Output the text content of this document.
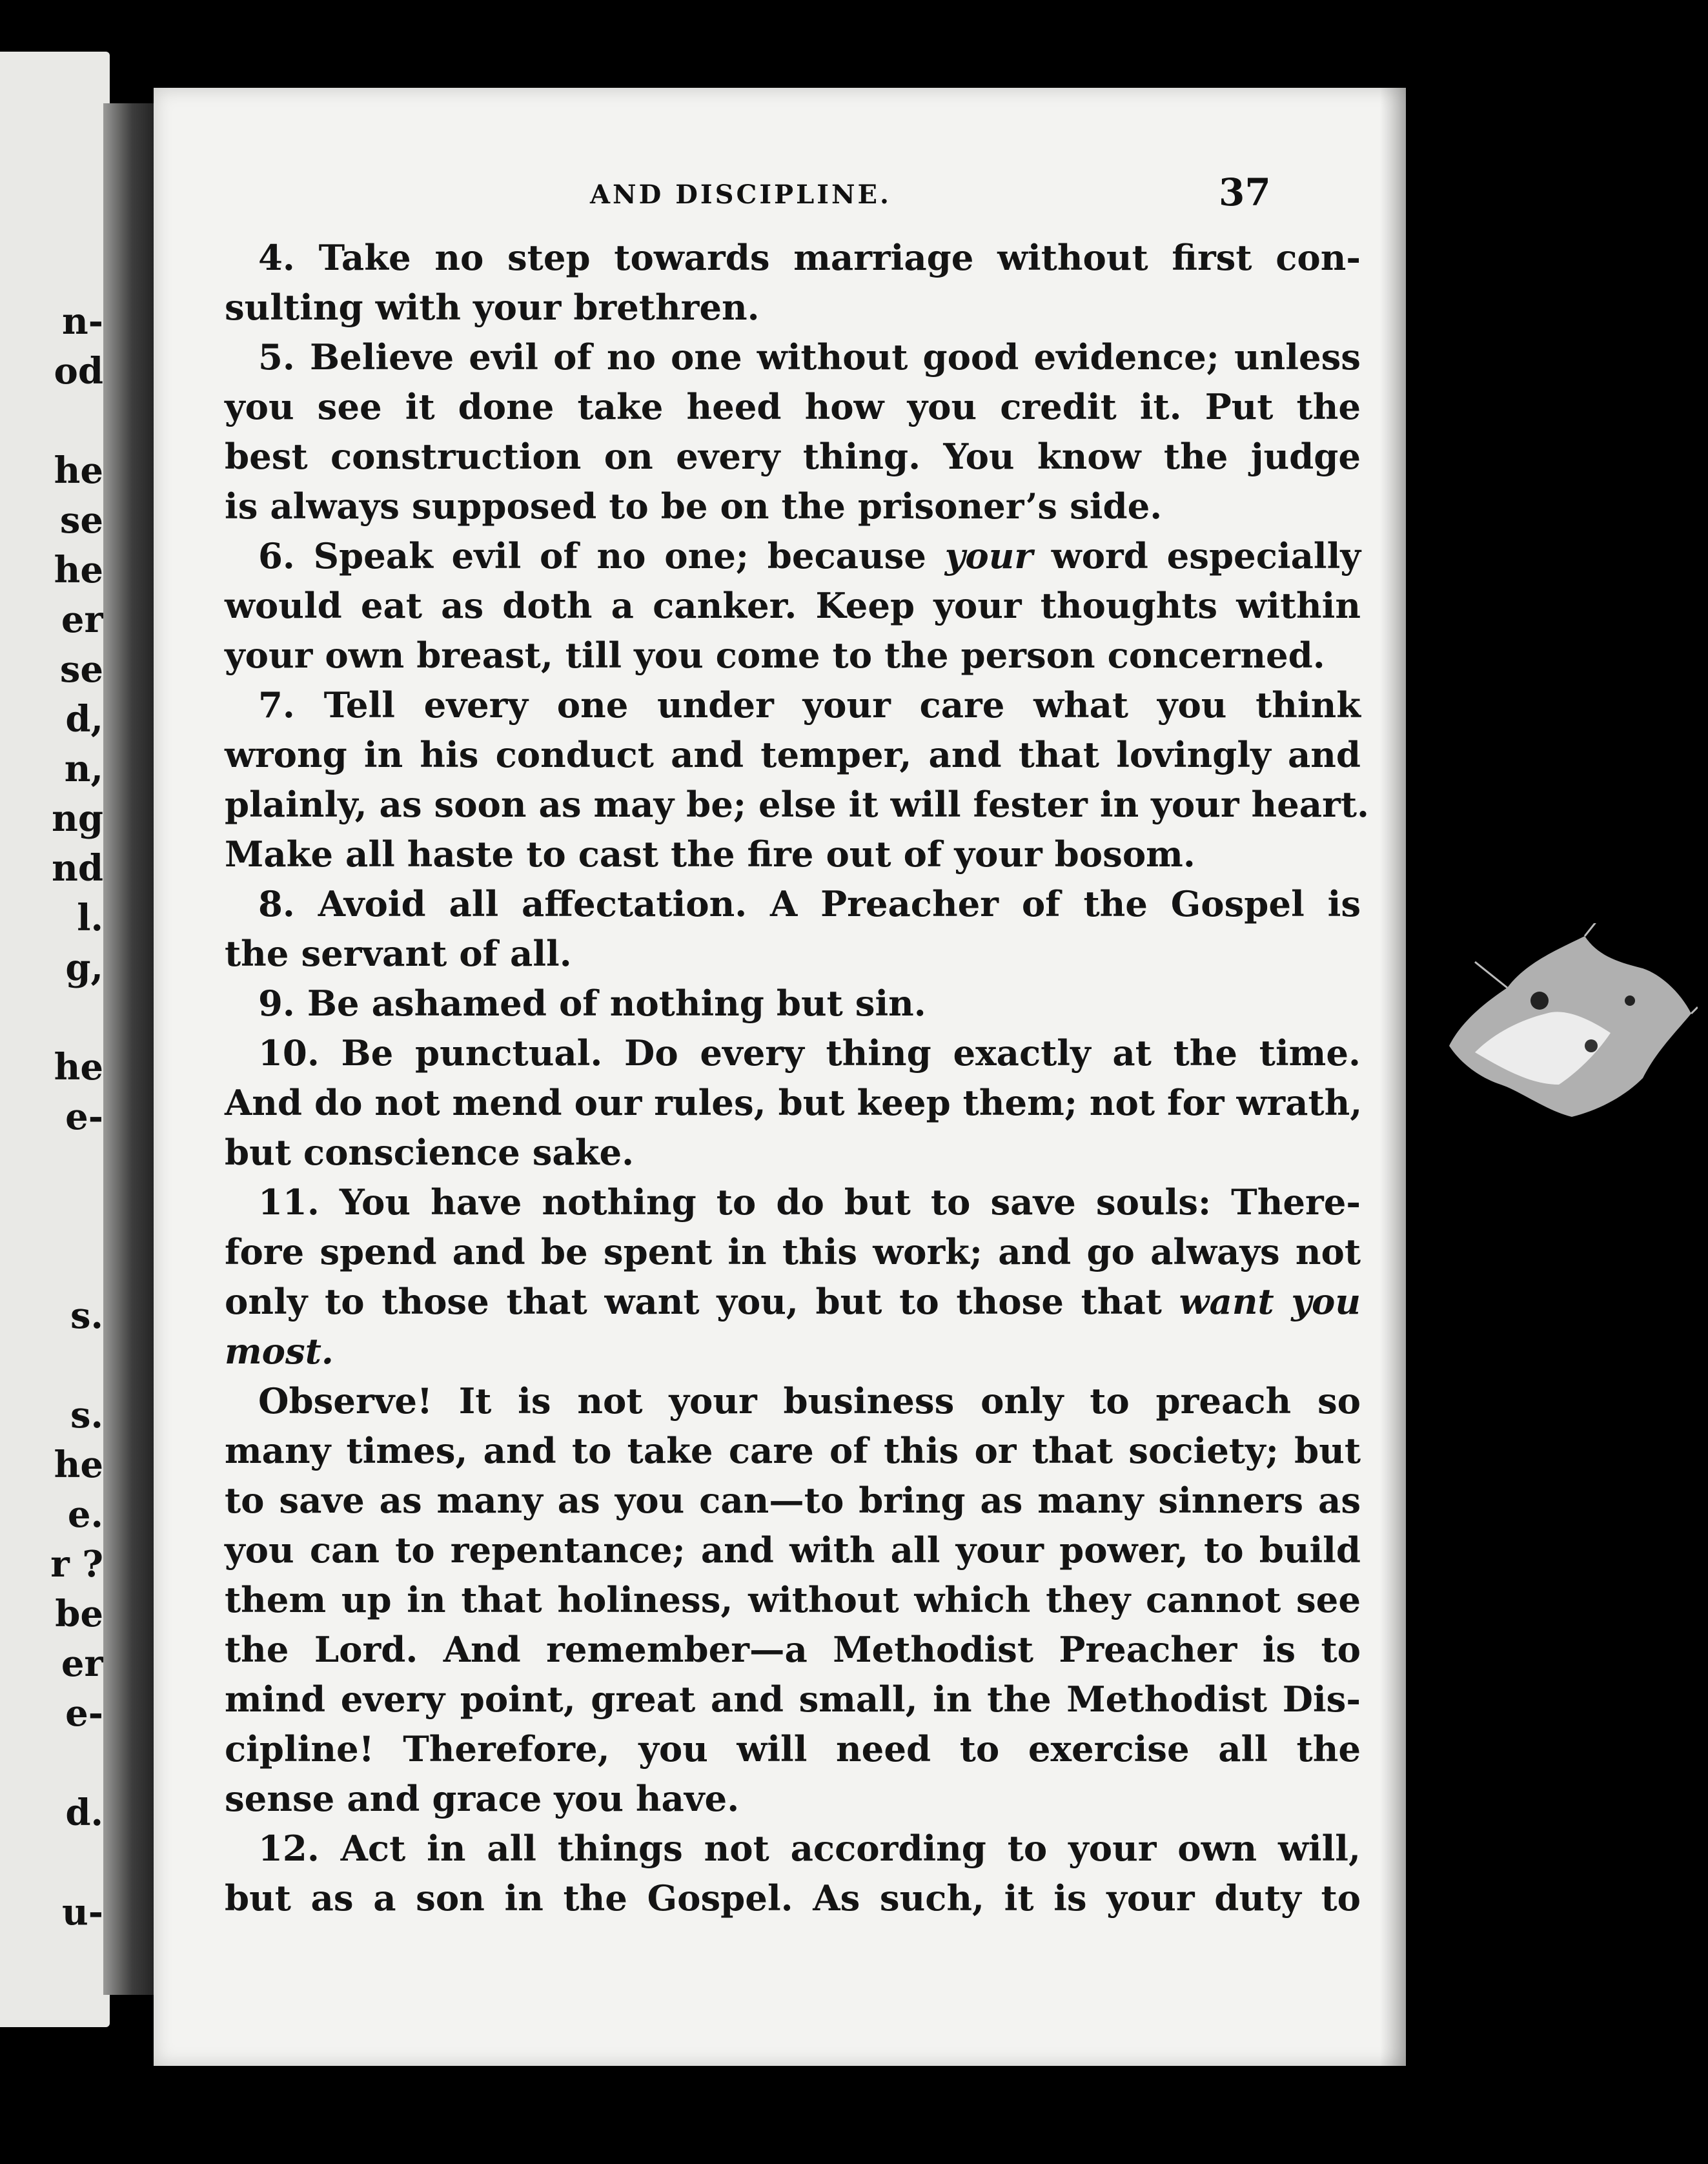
n-
od
he
se
he
er
se
d,
n,
ng
nd
l.
g,
he
e-
s.
s.
he
e.
r ?
be
er
e-
d.
u-
AND DISCIPLINE.	37
4. Take no step towards marriage without first con-
sulting with your brethren.
5. Believe evil of no one without good evidence; unless
you see it done take heed how you credit it. Put the
best construction on every thing. You know the judge
is always supposed to be on the prisoner’s side.
6. Speak evil of no one; because your word especially
would eat as doth a canker. Keep your thoughts within
your own breast, till you come to the person concerned.
7. Tell every one under your care what you think
wrong in his conduct and temper, and that lovingly and
plainly, as soon as may be; else it will fester in your heart.
Make all haste to cast the fire out of your bosom.
8. Avoid all affectation. A Preacher of the Gospel is
the servant of all.
9. Be ashamed of nothing but sin.
10. Be punctual. Do every thing exactly at the time.
And do not mend our rules, but keep them; not for wrath,
but conscience sake.
11. You have nothing to do but to save souls: There-
fore spend and be spent in this work; and go always not
only to those that want you, but to those that want you
most.
Observe! It is not your business only to preach so
many times, and to take care of this or that society; but
to save as many as you can—to bring as many sinners as
you can to repentance; and with all your power, to build
them up in that holiness, without which they cannot see
the Lord. And remember—a Methodist Preacher is to
mind every point, great and small, in the Methodist Dis-
cipline! Therefore, you will need to exercise all the
sense and grace you have.
12. Act in all things not according to your own will,
but as a son in the Gospel. As such, it is your duty to
